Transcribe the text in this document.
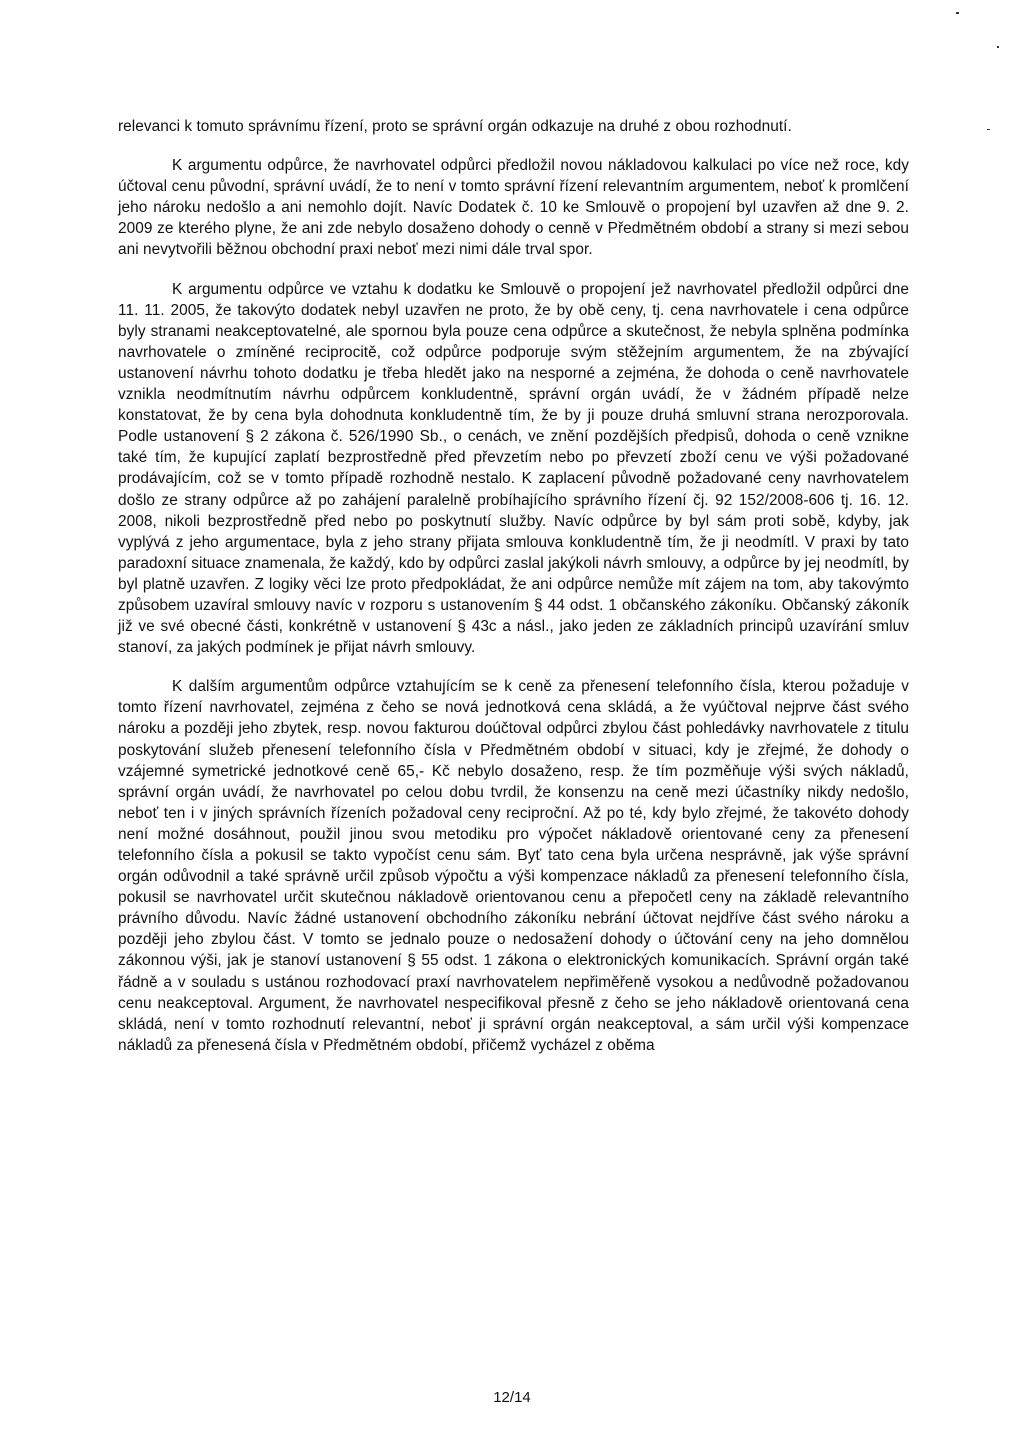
relevanci k tomuto správnímu řízení, proto se správní orgán odkazuje na druhé z obou rozhodnutí.

K argumentu odpůrce, že navrhovatel odpůrci předložil novou nákladovou kalkulaci po více než roce, kdy účtoval cenu původní, správní uvádí, že to není v tomto správní řízení relevantním argumentem, neboť k promlčení jeho nároku nedošlo a ani nemohlo dojít. Navíc Dodatek č. 10 ke Smlouvě o propojení byl uzavřen až dne 9. 2. 2009 ze kterého plyne, že ani zde nebylo dosaženo dohody o cenně v Předmětném období a strany si mezi sebou ani nevytvořili běžnou obchodní praxi neboť mezi nimi dále trval spor.

K argumentu odpůrce ve vztahu k dodatku ke Smlouvě o propojení jež navrhovatel předložil odpůrci dne 11. 11. 2005, že takovýto dodatek nebyl uzavřen ne proto, že by obě ceny, tj. cena navrhovatele i cena odpůrce byly stranami neakceptovatelné, ale spornou byla pouze cena odpůrce a skutečnost, že nebyla splněna podmínka navrhovatele o zmíněné reciprocitě, což odpůrce podporuje svým stěžejním argumentem, že na zbývající ustanovení návrhu tohoto dodatku je třeba hledět jako na nesporné a zejména, že dohoda o ceně navrhovatele vznikla neodmítnutím návrhu odpůrcem konkludentně, správní orgán uvádí, že v žádném případě nelze konstatovat, že by cena byla dohodnuta konkludentně tím, že by ji pouze druhá smluvní strana nerozporovala. Podle ustanovení § 2 zákona č. 526/1990 Sb., o cenách, ve znění pozdějších předpisů, dohoda o ceně vznikne také tím, že kupující zaplatí bezprostředně před převzetím nebo po převzetí zboží cenu ve výši požadované prodávajícím, což se v tomto případě rozhodně nestalo. K zaplacení původně požadované ceny navrhovatelem došlo ze strany odpůrce až po zahájení paralelně probíhajícího správního řízení čj. 92 152/2008-606 tj. 16. 12. 2008, nikoli bezprostředně před nebo po poskytnutí služby. Navíc odpůrce by byl sám proti sobě, kdyby, jak vyplývá z jeho argumentace, byla z jeho strany přijata smlouva konkludentně tím, že ji neodmítl. V praxi by tato paradoxní situace znamenala, že každý, kdo by odpůrci zaslal jakýkoli návrh smlouvy, a odpůrce by jej neodmítl, by byl platně uzavřen. Z logiky věci lze proto předpokládat, že ani odpůrce nemůže mít zájem na tom, aby takovýmto způsobem uzavíral smlouvy navíc v rozporu s ustanovením § 44 odst. 1 občanského zákoníku. Občanský zákoník již ve své obecné části, konkrétně v ustanovení § 43c a násl., jako jeden ze základních principů uzavírání smluv stanoví, za jakých podmínek je přijat návrh smlouvy.

K dalším argumentům odpůrce vztahujícím se k ceně za přenesení telefonního čísla, kterou požaduje v tomto řízení navrhovatel, zejména z čeho se nová jednotková cena skládá, a že vyúčtoval nejprve část svého nároku a později jeho zbytek, resp. novou fakturou doúčtoval odpůrci zbylou část pohledávky navrhovatele z titulu poskytování služeb přenesení telefonního čísla v Předmětném období v situaci, kdy je zřejmé, že dohody o vzájemné symetrické jednotkové ceně 65,- Kč nebylo dosaženo, resp. že tím pozměňuje výši svých nákladů, správní orgán uvádí, že navrhovatel po celou dobu tvrdil, že konsenzu na ceně mezi účastníky nikdy nedošlo, neboť ten i v jiných správních řízeních požadoval ceny reciproční. Až po té, kdy bylo zřejmé, že takovéto dohody není možné dosáhnout, použil jinou svou metodiku pro výpočet nákladově orientované ceny za přenesení telefonního čísla a pokusil se takto vypočíst cenu sám. Byť tato cena byla určena nesprávně, jak výše správní orgán odůvodnil a také správně určil způsob výpočtu a výši kompenzace nákladů za přenesení telefonního čísla, pokusil se navrhovatel určit skutečnou nákladově orientovanou cenu a přepočetl ceny na základě relevantního právního důvodu. Navíc žádné ustanovení obchodního zákoníku nebrání účtovat nejdříve část svého nároku a později jeho zbylou část. V tomto se jednalo pouze o nedosažení dohody o účtování ceny na jeho domnělou zákonnou výši, jak je stanoví ustanovení § 55 odst. 1 zákona o elektronických komunikacích. Správní orgán také řádně a v souladu s ustánou rozhodovací praxí navrhovatelem nepřiměřeně vysokou a nedůvodně požadovanou cenu neakceptoval. Argument, že navrhovatel nespecifikoval přesně z čeho se jeho nákladově orientovaná cena skládá, není v tomto rozhodnutí relevantní, neboť ji správní orgán neakceptoval, a sám určil výši kompenzace nákladů za přenesená čísla v Předmětném období, přičemž vycházel z oběma

12/14
